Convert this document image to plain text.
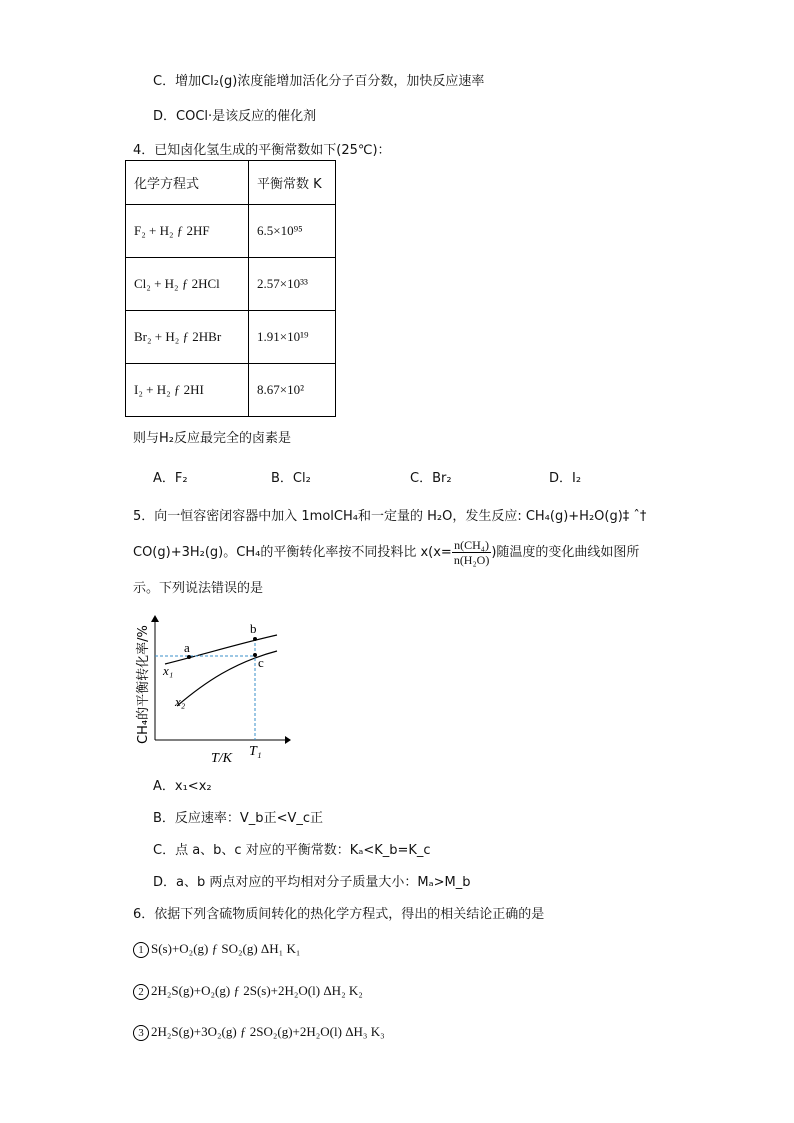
C．增加Cl₂(g)浓度能增加活化分子百分数，加快反应速率
D．COCl·是该反应的催化剂
4．已知卤化氢生成的平衡常数如下(25℃)：
化学方程式	平衡常数 K
F₂ + H₂ ƒ 2HF	6.5×10⁹⁵
Cl₂ + H₂ ƒ 2HCl	2.57×10³³
Br₂ + H₂ ƒ 2HBr	1.91×10¹⁹
I₂ + H₂ ƒ 2HI	8.67×10²
则与H₂反应最完全的卤素是
A．F₂	B．Cl₂	C．Br₂	D．I₂
5．向一恒容密闭容器中加入 1molCH₄和一定量的 H₂O，发生反应: CH₄(g)+H₂O(g)‡ ˆ†
CO(g)+3H₂(g)。CH₄的平衡转化率按不同投料比 $x(x= \frac{\text{n(CH₄)}}{\text{n(H₂O)}}$ )随温度的变化曲线如图所
示。下列说法错误的是
a
b
c
x₁
x₂
T/K T₁
CH₄的平衡转化率/%
A．x₁<x₂
B．反应速率：V_b正<V_c正
C．点 a、b、c 对应的平衡常数：Kₐ<K_b=K_c
D．a、b 两点对应的平均相对分子质量大小：Mₐ>M_b
6．依据下列含硫物质间转化的热化学方程式，得出的相关结论正确的是
1 S(s)+O₂(g) ƒ SO₂(g) ΔH₁ K₁
2 2H₂S(g)+O₂(g) ƒ 2S(s)+2H₂O(l) ΔH₂ K₂
3 2H₂S(g)+3O₂(g) ƒ 2SO₂(g)+2H₂O(l) ΔH₃ K₃
